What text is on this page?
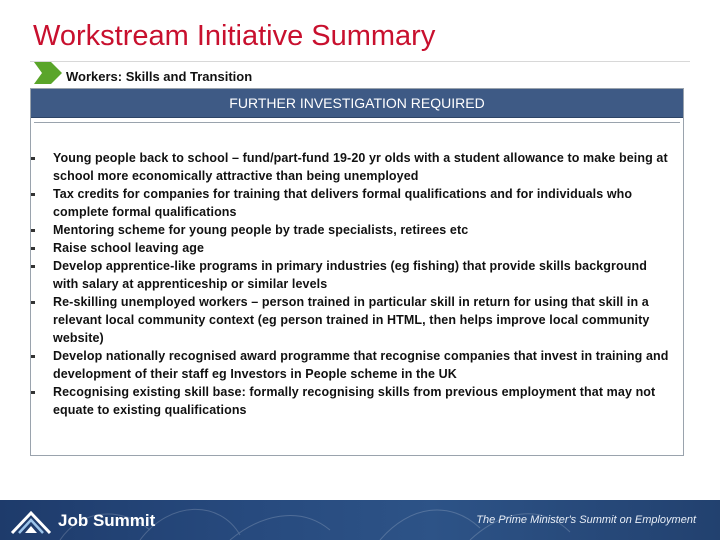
Workstream Initiative Summary
Workers: Skills and Transition
FURTHER INVESTIGATION REQUIRED
Young people back to school – fund/part-fund 19-20 yr olds with a student allowance to make being at school more economically attractive than being unemployed
Tax credits for companies for training that delivers formal qualifications and for individuals who complete formal qualifications
Mentoring scheme for young people by trade specialists, retirees etc
Raise school leaving age
Develop apprentice-like programs in primary industries (eg fishing) that provide skills background with salary at apprenticeship or similar levels
Re-skilling unemployed workers – person trained in particular skill in return for using that skill in a relevant local community context (eg person trained in HTML, then helps improve local community website)
Develop nationally recognised award programme that recognise companies that invest in training and development of their staff eg Investors in People scheme in the UK
Recognising existing skill base: formally recognising skills from previous employment that may not equate to existing qualifications
Job Summit	The Prime Minister's Summit on Employment
